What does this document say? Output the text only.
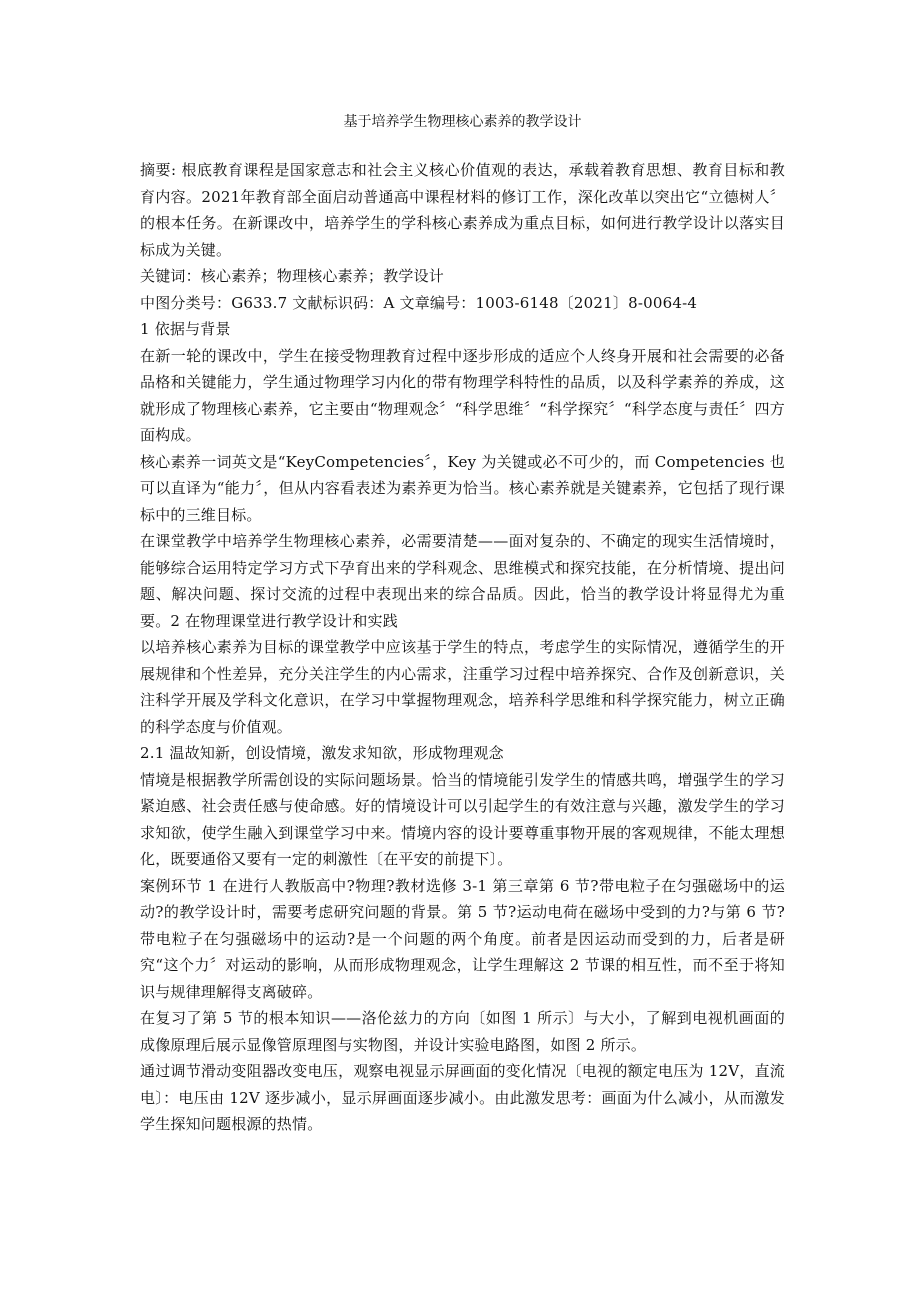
基于培养学生物理核心素养的教学设计

摘要: 根底教育课程是国家意志和社会主义核心价值观的表达，承载着教育思想、教育目标和教育内容。2021年教育部全面启动普通高中课程材料的修订工作，深化改革以突出它“立德树人〞的根本任务。在新课改中，培养学生的学科核心素养成为重点目标，如何进行教学设计以落实目标成为关键。

关键词：核心素养；物理核心素养；教学设计

中图分类号：G633.7 文献标识码：A 文章编号：1003-6148〔2021〕8-0064-4

1 依据与背景

在新一轮的课改中，学生在接受物理教育过程中逐步形成的适应个人终身开展和社会需要的必备品格和关键能力，学生通过物理学习内化的带有物理学科特性的品质，以及科学素养的养成，这就形成了物理核心素养，它主要由“物理观念〞“科学思维〞“科学探究〞“科学态度与责任〞四方面构成。

核心素养一词英文是“KeyCompetencies〞，Key 为关键或必不可少的，而 Competencies 也可以直译为“能力〞，但从内容看表述为素养更为恰当。核心素养就是关键素养，它包括了现行课标中的三维目标。

在课堂教学中培养学生物理核心素养，必需要清楚——面对复杂的、不确定的现实生活情境时，能够综合运用特定学习方式下孕育出来的学科观念、思维模式和探究技能，在分析情境、提出问题、解决问题、探讨交流的过程中表现出来的综合品质。因此，恰当的教学设计将显得尤为重要。2 在物理课堂进行教学设计和实践

以培养核心素养为目标的课堂教学中应该基于学生的特点，考虑学生的实际情况，遵循学生的开展规律和个性差异，充分关注学生的内心需求，注重学习过程中培养探究、合作及创新意识，关注科学开展及学科文化意识，在学习中掌握物理观念，培养科学思维和科学探究能力，树立正确的科学态度与价值观。

2.1 温故知新，创设情境，激发求知欲，形成物理观念

情境是根据教学所需创设的实际问题场景。恰当的情境能引发学生的情感共鸣，增强学生的学习紧迫感、社会责任感与使命感。好的情境设计可以引起学生的有效注意与兴趣，激发学生的学习求知欲，使学生融入到课堂学习中来。情境内容的设计要尊重事物开展的客观规律，不能太理想化，既要通俗又要有一定的刺激性〔在平安的前提下〕。

案例环节 1 在进行人教版高中?物理?教材选修 3-1 第三章第 6 节?带电粒子在匀强磁场中的运动?的教学设计时，需要考虑研究问题的背景。第 5 节?运动电荷在磁场中受到的力?与第 6 节?带电粒子在匀强磁场中的运动?是一个问题的两个角度。前者是因运动而受到的力，后者是研究“这个力〞对运动的影响，从而形成物理观念，让学生理解这 2 节课的相互性，而不至于将知识与规律理解得支离破碎。

在复习了第 5 节的根本知识——洛伦兹力的方向〔如图 1 所示〕与大小，了解到电视机画面的成像原理后展示显像管原理图与实物图，并设计实验电路图，如图 2 所示。

通过调节滑动变阻器改变电压，观察电视显示屏画面的变化情况〔电视的额定电压为 12V，直流电〕：电压由 12V 逐步减小，显示屏画面逐步减小。由此激发思考：画面为什么减小，从而激发学生探知问题根源的热情。
